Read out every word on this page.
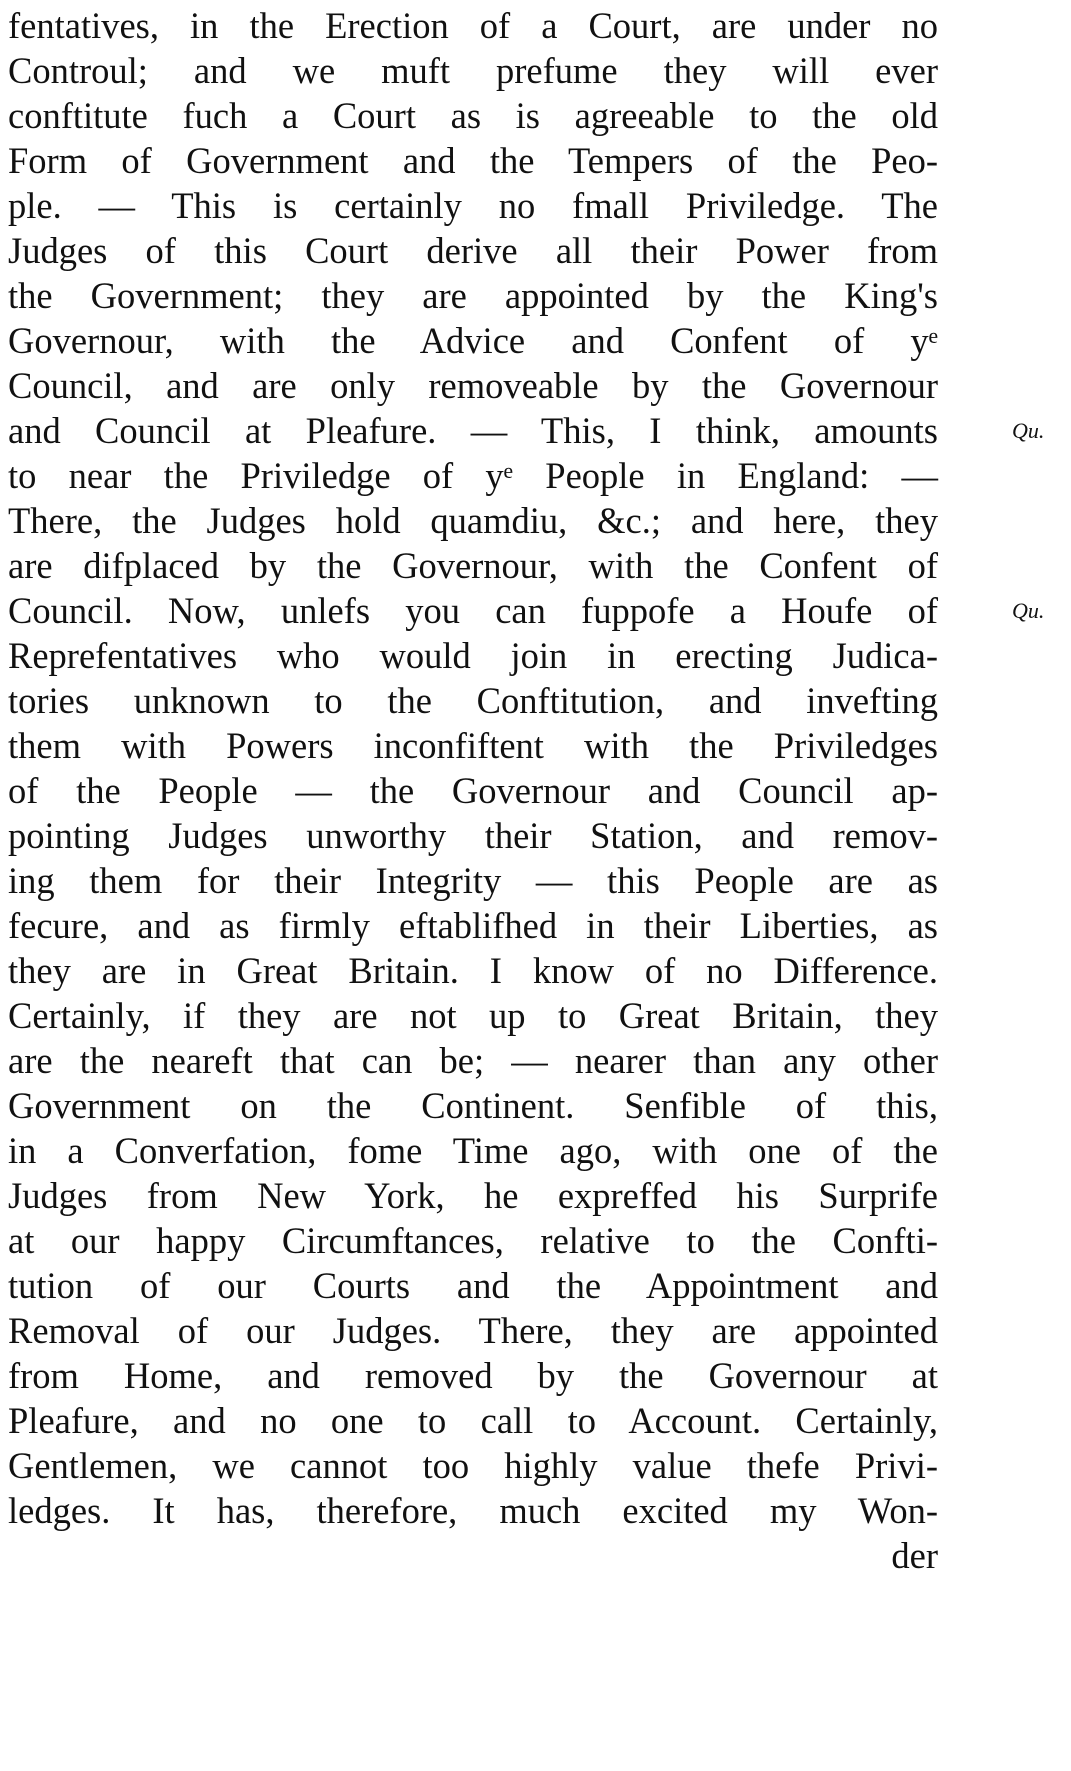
fentatives, in the Erection of a Court, are under no
Controul; and we muft prefume they will ever
conftitute fuch a Court as is agreeable to the old
Form of Government and the Tempers of the Peo-
ple. — This is certainly no fmall Priviledge. The
Judges of this Court derive all their Power from
the Government; they are appointed by the King's
Governour, with the Advice and Confent of yᵉ
Council, and are only removeable by the Governour
and Council at Pleafure. — This, I think, amounts
to near the Priviledge of yᵉ People in England: —
There, the Judges hold quamdiu, &c.; and here, they
are difplaced by the Governour, with the Confent of
Council. Now, unlefs you can fuppofe a Houfe of
Reprefentatives who would join in erecting Judica-
tories unknown to the Conftitution, and invefting
them with Powers inconfiftent with the Priviledges
of the People — the Governour and Council ap-
pointing Judges unworthy their Station, and remov-
ing them for their Integrity — this People are as
fecure, and as firmly eftablifhed in their Liberties, as
they are in Great Britain. I know of no Difference.
Certainly, if they are not up to Great Britain, they
are the neareft that can be; — nearer than any other
Government on the Continent. Senfible of this,
in a Converfation, fome Time ago, with one of the
Judges from New York, he expreffed his Surprife
at our happy Circumftances, relative to the Confti-
tution of our Courts and the Appointment and
Removal of our Judges. There, they are appointed
from Home, and removed by the Governour at
Pleafure, and no one to call to Account. Certainly,
Gentlemen, we cannot too highly value thefe Privi-
ledges. It has, therefore, much excited my Won-
der
Qu.
Qu.
